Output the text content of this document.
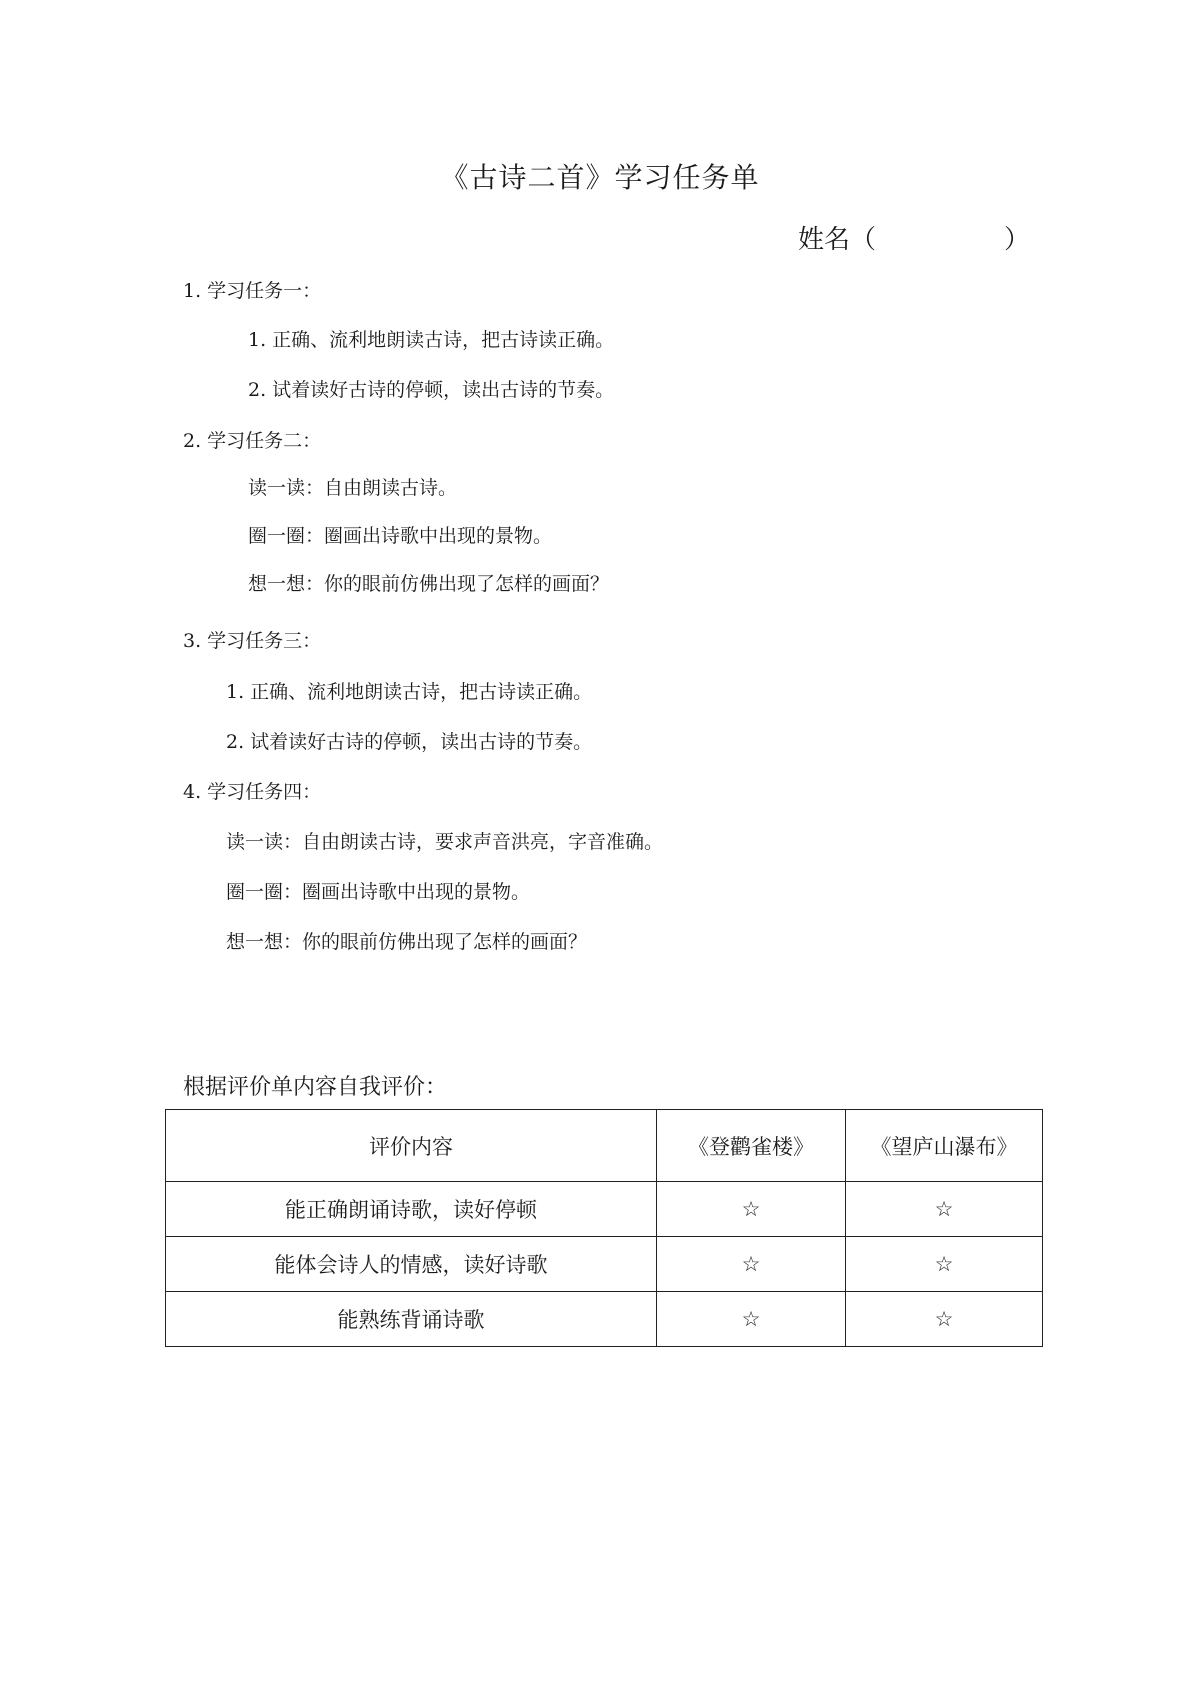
《古诗二首》学习任务单
姓名（	）
1. 学习任务一：
1. 正确、流利地朗读古诗，把古诗读正确。
2. 试着读好古诗的停顿，读出古诗的节奏。
2. 学习任务二：
读一读：自由朗读古诗。
圈一圈：圈画出诗歌中出现的景物。
想一想：你的眼前仿佛出现了怎样的画面？
3. 学习任务三：
1. 正确、流利地朗读古诗，把古诗读正确。
2. 试着读好古诗的停顿，读出古诗的节奏。
4. 学习任务四：
读一读：自由朗读古诗，要求声音洪亮，字音准确。
圈一圈：圈画出诗歌中出现的景物。
想一想：你的眼前仿佛出现了怎样的画面？
根据评价单内容自我评价：
评价内容	《登鹳雀楼》	《望庐山瀑布》
能正确朗诵诗歌，读好停顿	☆	☆
能体会诗人的情感，读好诗歌	☆	☆
能熟练背诵诗歌	☆	☆
